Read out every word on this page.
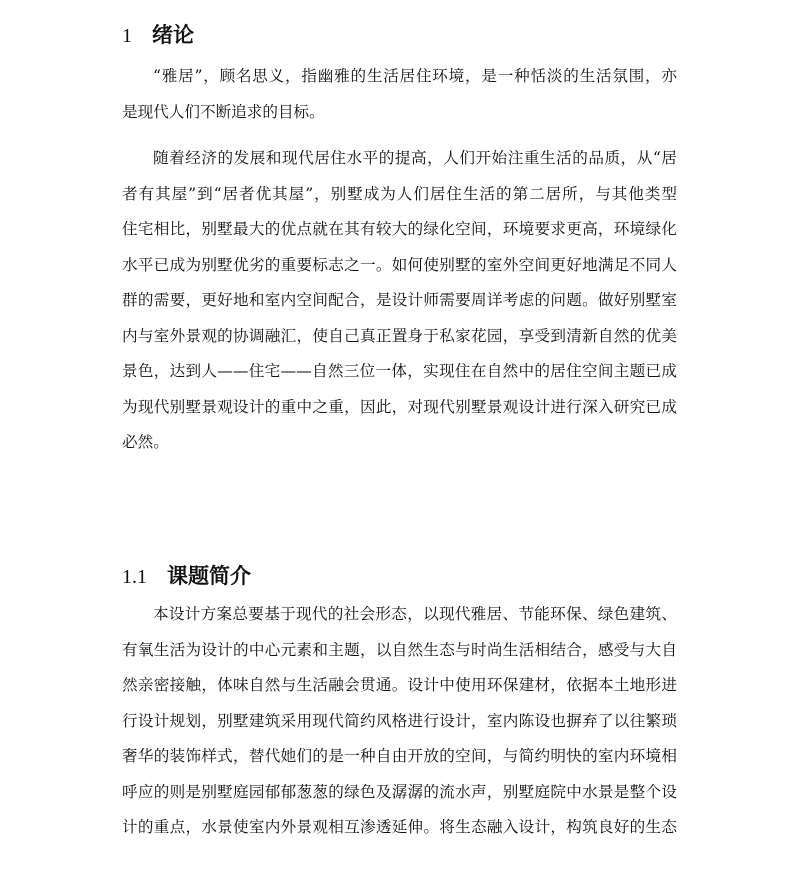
1 绪论

“雅居”，顾名思义，指幽雅的生活居住环境，是一种恬淡的生活氛围，亦
是现代人们不断追求的目标。

随着经济的发展和现代居住水平的提高，人们开始注重生活的品质，从“居
者有其屋”到“居者优其屋”，别墅成为人们居住生活的第二居所，与其他类型
住宅相比，别墅最大的优点就在其有较大的绿化空间，环境要求更高，环境绿化
水平已成为别墅优劣的重要标志之一。如何使别墅的室外空间更好地满足不同人
群的需要，更好地和室内空间配合，是设计师需要周详考虑的问题。做好别墅室
内与室外景观的协调融汇，使自己真正置身于私家花园，享受到清新自然的优美
景色，达到人——住宅——自然三位一体，实现住在自然中的居住空间主题已成
为现代别墅景观设计的重中之重，因此，对现代别墅景观设计进行深入研究已成
必然。

1.1 课题简介

本设计方案总要基于现代的社会形态，以现代雅居、节能环保、绿色建筑、
有氧生活为设计的中心元素和主题，以自然生态与时尚生活相结合，感受与大自
然亲密接触，体味自然与生活融会贯通。设计中使用环保建材，依据本土地形进
行设计规划，别墅建筑采用现代简约风格进行设计，室内陈设也摒弃了以往繁琐
奢华的装饰样式，替代她们的是一种自由开放的空间，与简约明快的室内环境相
呼应的则是别墅庭园郁郁葱葱的绿色及潺潺的流水声，别墅庭院中水景是整个设
计的重点，水景使室内外景观相互渗透延伸。将生态融入设计，构筑良好的生态
